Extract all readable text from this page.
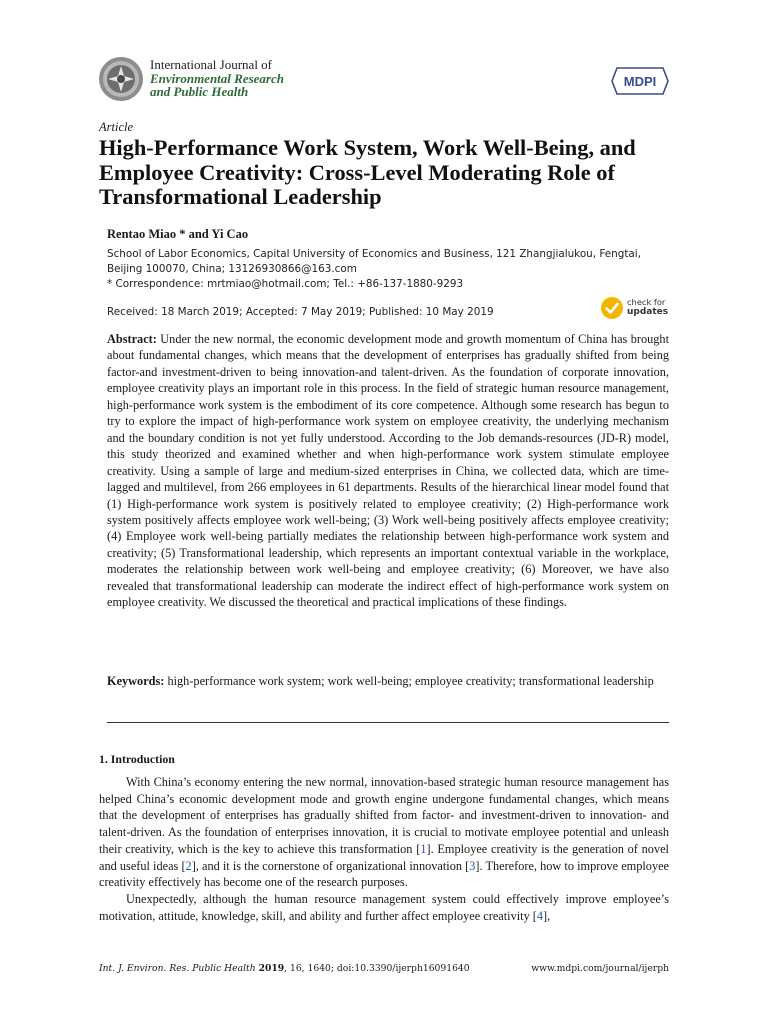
International Journal of
Environmental Research
and Public Health
MDPI
Article
High-Performance Work System, Work Well-Being, and Employee Creativity: Cross-Level Moderating Role of Transformational Leadership
Rentao Miao * and Yi Cao
School of Labor Economics, Capital University of Economics and Business, 121 Zhangjialukou, Fengtai, Beijing 100070, China; 13126930866@163.com
* Correspondence: mrtmiao@hotmail.com; Tel.: +86-137-1880-9293
Received: 18 March 2019; Accepted: 7 May 2019; Published: 10 May 2019
check for
updates
Abstract: Under the new normal, the economic development mode and growth momentum of China has brought about fundamental changes, which means that the development of enterprises has gradually shifted from being factor-and investment-driven to being innovation-and talent-driven. As the foundation of corporate innovation, employee creativity plays an important role in this process. In the field of strategic human resource management, high-performance work system is the embodiment of its core competence. Although some research has begun to try to explore the impact of high-performance work system on employee creativity, the underlying mechanism and the boundary condition is not yet fully understood. According to the Job demands-resources (JD-R) model, this study theorized and examined whether and when high-performance work system stimulate employee creativity. Using a sample of large and medium-sized enterprises in China, we collected data, which are time-lagged and multilevel, from 266 employees in 61 departments. Results of the hierarchical linear model found that (1) High-performance work system is positively related to employee creativity; (2) High-performance work system positively affects employee work well-being; (3) Work well-being positively affects employee creativity; (4) Employee work well-being partially mediates the relationship between high-performance work system and creativity; (5) Transformational leadership, which represents an important contextual variable in the workplace, moderates the relationship between work well-being and employee creativity; (6) Moreover, we have also revealed that transformational leadership can moderate the indirect effect of high-performance work system on employee creativity. We discussed the theoretical and practical implications of these findings.
Keywords: high-performance work system; work well-being; employee creativity; transformational leadership
1. Introduction

With China’s economy entering the new normal, innovation-based strategic human resource management has helped China’s economic development mode and growth engine undergone fundamental changes, which means that the development of enterprises has gradually shifted from factor- and investment-driven to innovation- and talent-driven. As the foundation of enterprises innovation, it is crucial to motivate employee potential and unleash their creativity, which is the key to achieve this transformation [1]. Employee creativity is the generation of novel and useful ideas [2], and it is the cornerstone of organizational innovation [3]. Therefore, how to improve employee creativity effectively has become one of the research purposes.

Unexpectedly, although the human resource management system could effectively improve employee’s motivation, attitude, knowledge, skill, and ability and further affect employee creativity [4],

Int. J. Environ. Res. Public Health 2019, 16, 1640; doi:10.3390/ijerph16091640	www.mdpi.com/journal/ijerph
